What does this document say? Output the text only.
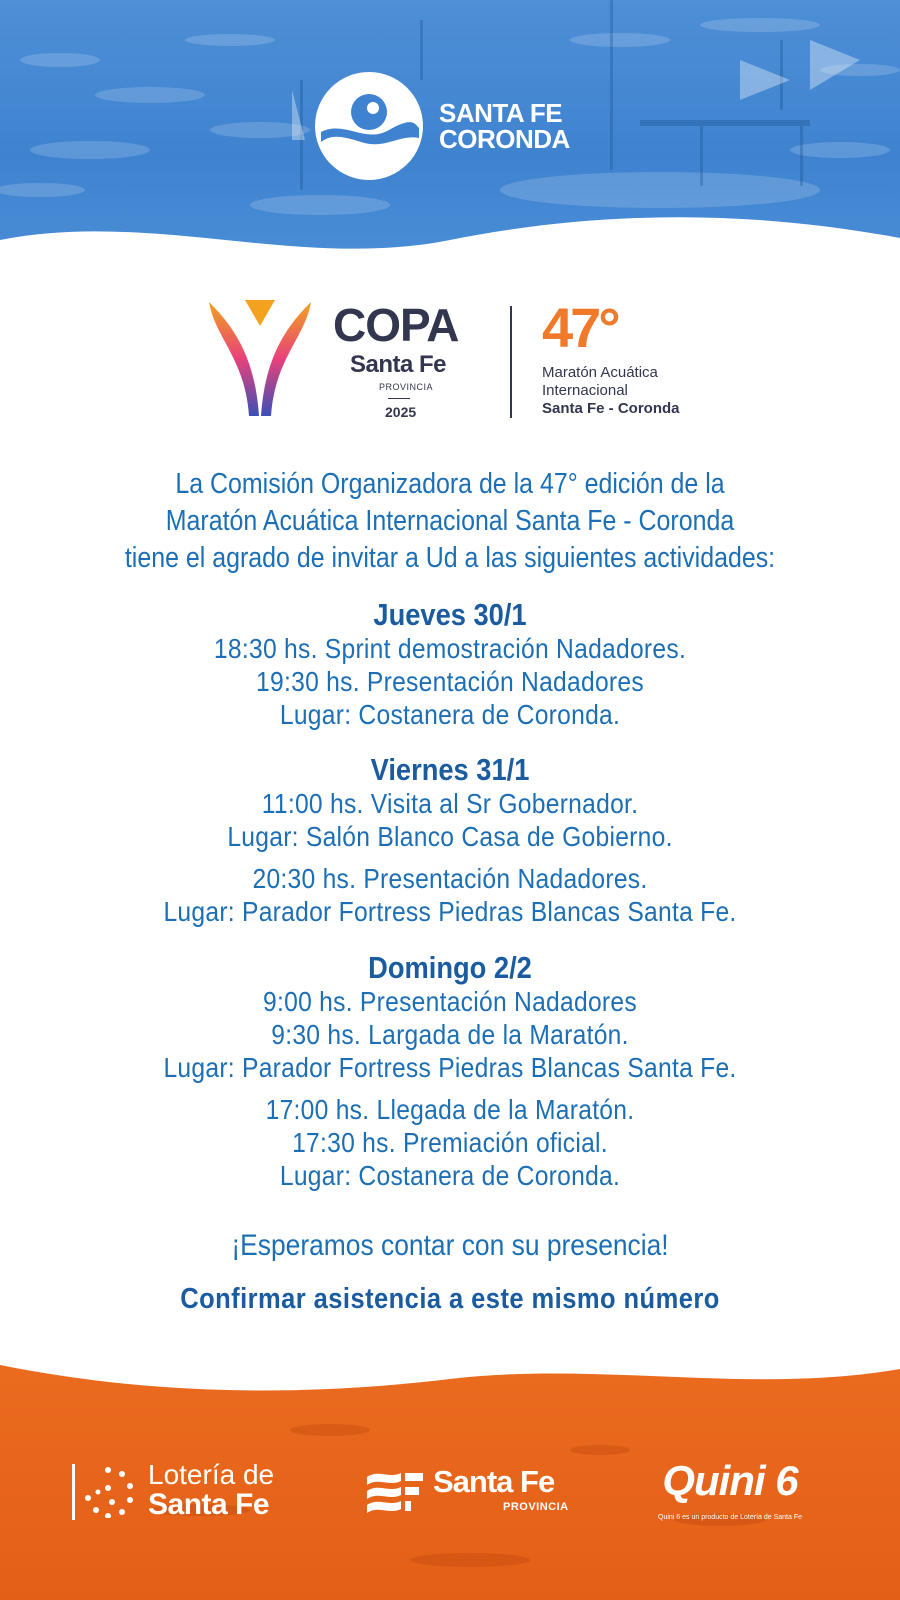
SANTA FE
CORONDA
COPA
Santa Fe
PROVINCIA
2025
47°
Maratón Acuática
Internacional
Santa Fe - Coronda
La Comisión Organizadora de la 47° edición de la
Maratón Acuática Internacional Santa Fe - Coronda
tiene el agrado de invitar a Ud a las siguientes actividades:
Jueves 30/1
18:30 hs. Sprint demostración Nadadores.
19:30 hs. Presentación Nadadores
Lugar: Costanera de Coronda.
Viernes 31/1
11:00 hs. Visita al Sr Gobernador.
Lugar: Salón Blanco Casa de Gobierno.
20:30 hs. Presentación Nadadores.
Lugar: Parador Fortress Piedras Blancas Santa Fe.
Domingo 2/2
9:00 hs. Presentación Nadadores
9:30 hs. Largada de la Maratón.
Lugar: Parador Fortress Piedras Blancas Santa Fe.
17:00 hs. Llegada de la Maratón.
17:30 hs. Premiación oficial.
Lugar: Costanera de Coronda.
¡Esperamos contar con su presencia!
Confirmar asistencia a este mismo número
Lotería de
Santa Fe
Santa Fe
PROVINCIA
Quini 6
Quini 6 es un producto de Lotería de Santa Fe
